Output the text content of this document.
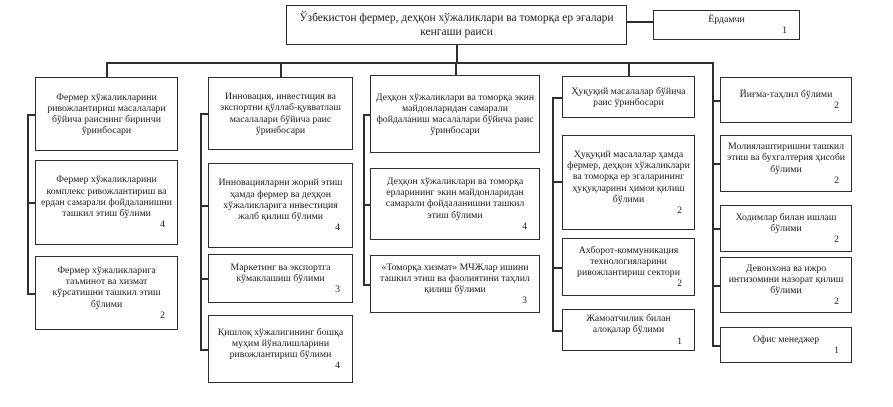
Ўзбекистон фермер, деҳқон хўжаликлари ва томорқа ер эгалари кенгаши раиси
Ёрдамчи
1
Фермер хўжаликларини ривожлантириш масалалари бўйича раиснинг биринчи ўринбосари
Фермер хўжаликларини комплекс ривожлантириш ва ердан самарали фойдаланишни ташкил этиш бўлими
4
Фермер хўжаликларига таъминот ва хизмат кўрсатишни ташкил этиш бўлими
2
Инновация, инвестиция ва экспортни қўллаб-қувватлаш масалалари бўйича раис ўринбосари
Инновацияларни жорий этиш ҳамда фермер ва деҳқон хўжаликларига инвестиция жалб қилиш бўлими
4
Маркетинг ва экспортга кўмаклашиш бўлими
3
Қишлоқ хўжалигининг бошқа муҳим йўналишларини ривожлантириш бўлими
4
Деҳқон хўжаликлари ва томорқа экин майдонларидан самарали фойдаланиш масалалари бўйича раис ўринбосари
Деҳқон хўжаликлари ва томорқа ерларининг экин майдонларидан самарали фойдаланишни ташкил этиш бўлими
4
«Томорқа хизмат» МЧЖлар ишини ташкил этиш ва фаолиятини таҳлил қилиш бўлими
3
Ҳуқуқий масалалар бўйича раис ўринбосари
Ҳуқуқий масалалар ҳамда фермер, деҳқон хўжаликлари ва томорқа ер эгаларининг ҳуқуқларини ҳимоя қилиш бўлими
2
Ахборот-коммуникация технологияларини ривожлантириш сектори
2
Жамоатчилик билан алоқалар бўлими
1
Йиғма-таҳлил бўлими
2
Молиялаштиришни ташкил этиш ва бухгалтерия ҳисоби бўлими
2
Ходимлар билан ишлаш бўлими
2
Девонхона ва ижро интизомини назорат қилиш бўлими
2
Офис менеджер
1
